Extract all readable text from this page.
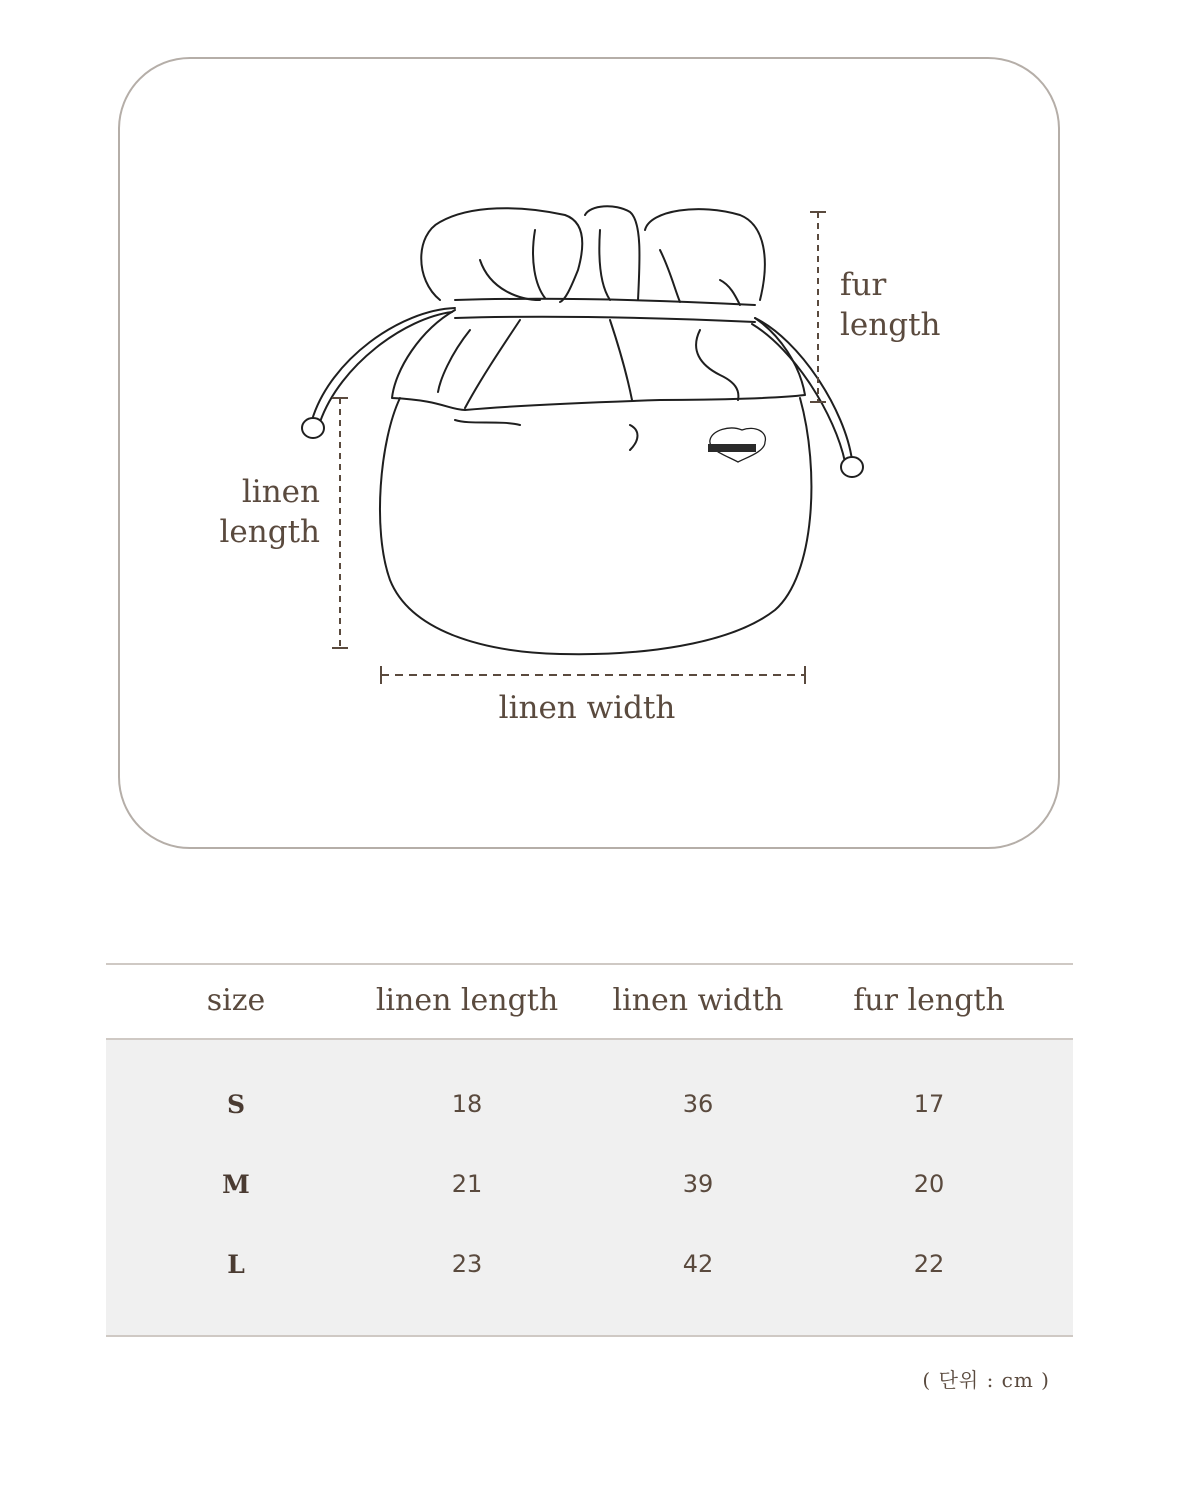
fur
length
linen
length
linen width
size	linen length	linen width	fur length
S	18	36	17
M	21	39	20
L	23	42	22
( 단위 : cm )
